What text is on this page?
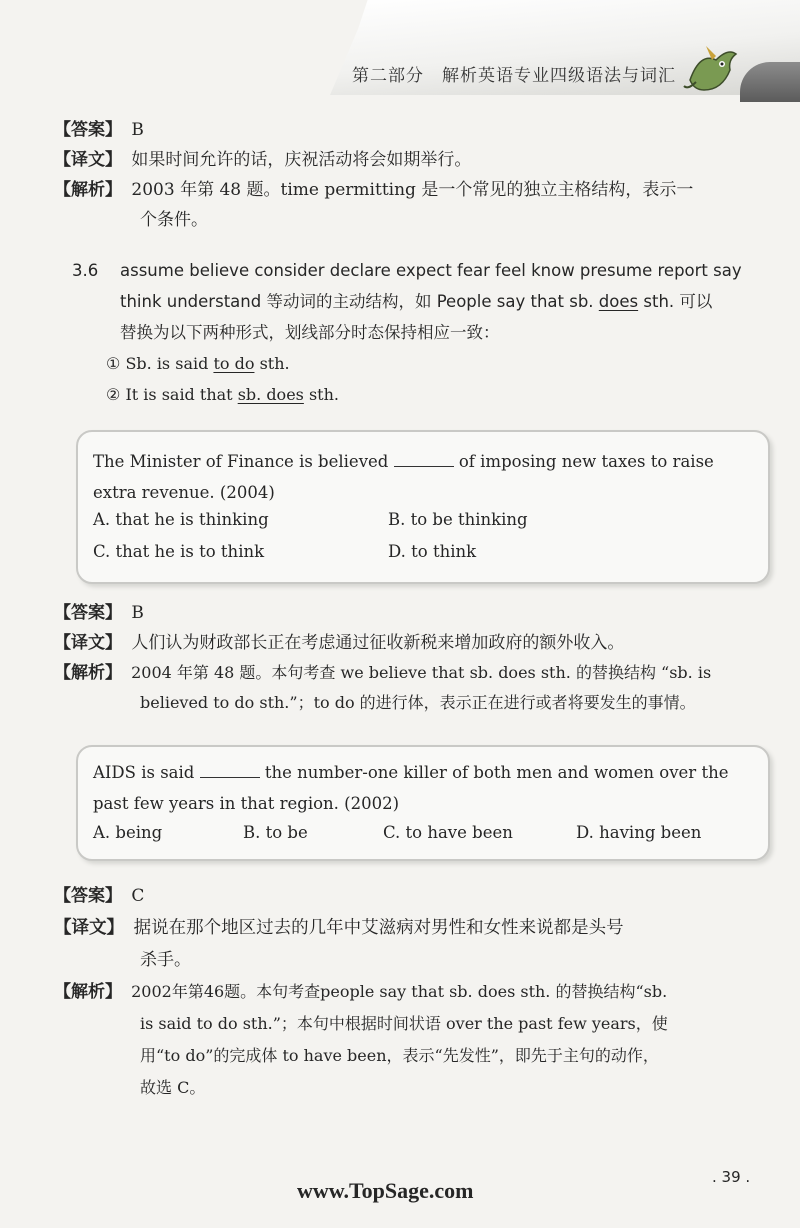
第二部分　解析英语专业四级语法与词汇
【 答案 】 B
【 译文 】 如果时间允许的话，庆祝活动将会如期举行。
【 解析 】 2003 年第 48 题。time permitting 是一个常见的独立主格结构，表示一
个条件。
3.6 assume believe consider declare expect fear feel know presume report say
think understand 等动词的主动结构，如 People say that sb. does sth. 可以
替换为以下两种形式，划线部分时态保持相应一致：
① Sb. is said to do sth.
② It is said that sb. does sth.

The Minister of Finance is believed	of imposing new taxes to raise

extra revenue. (2004)

A. that he is thinking	B. to be thinking
C. that he is to think	D. to think
【 答案 】 B
【 译文 】 人们认为财政部长正在考虑通过征收新税来增加政府的额外收入。
【 解析 】 2004 年第 48 题。本句考查 we believe that sb. does sth. 的替换结构 “sb. is
believed to do sth.”；to do 的进行体，表示正在进行或者将要发生的事情。

AIDS is said	the number-one killer of both men and women over the

past few years in that region. (2002)

A. being	B. to be	C. to have been	D. having been
【 答案 】 C
【 译文 】 据说在那个地区过去的几年中艾滋病对男性和女性来说都是头号
杀手。
【 解析 】 2002年第46题。本句考查people say that sb. does sth. 的替换结构“sb.
is said to do sth.”；本句中根据时间状语 over the past few years，使
用“to do”的完成体 to have been，表示“先发性”，即先于主句的动作，
故选 C。
. 39 .
www.TopSage.com
